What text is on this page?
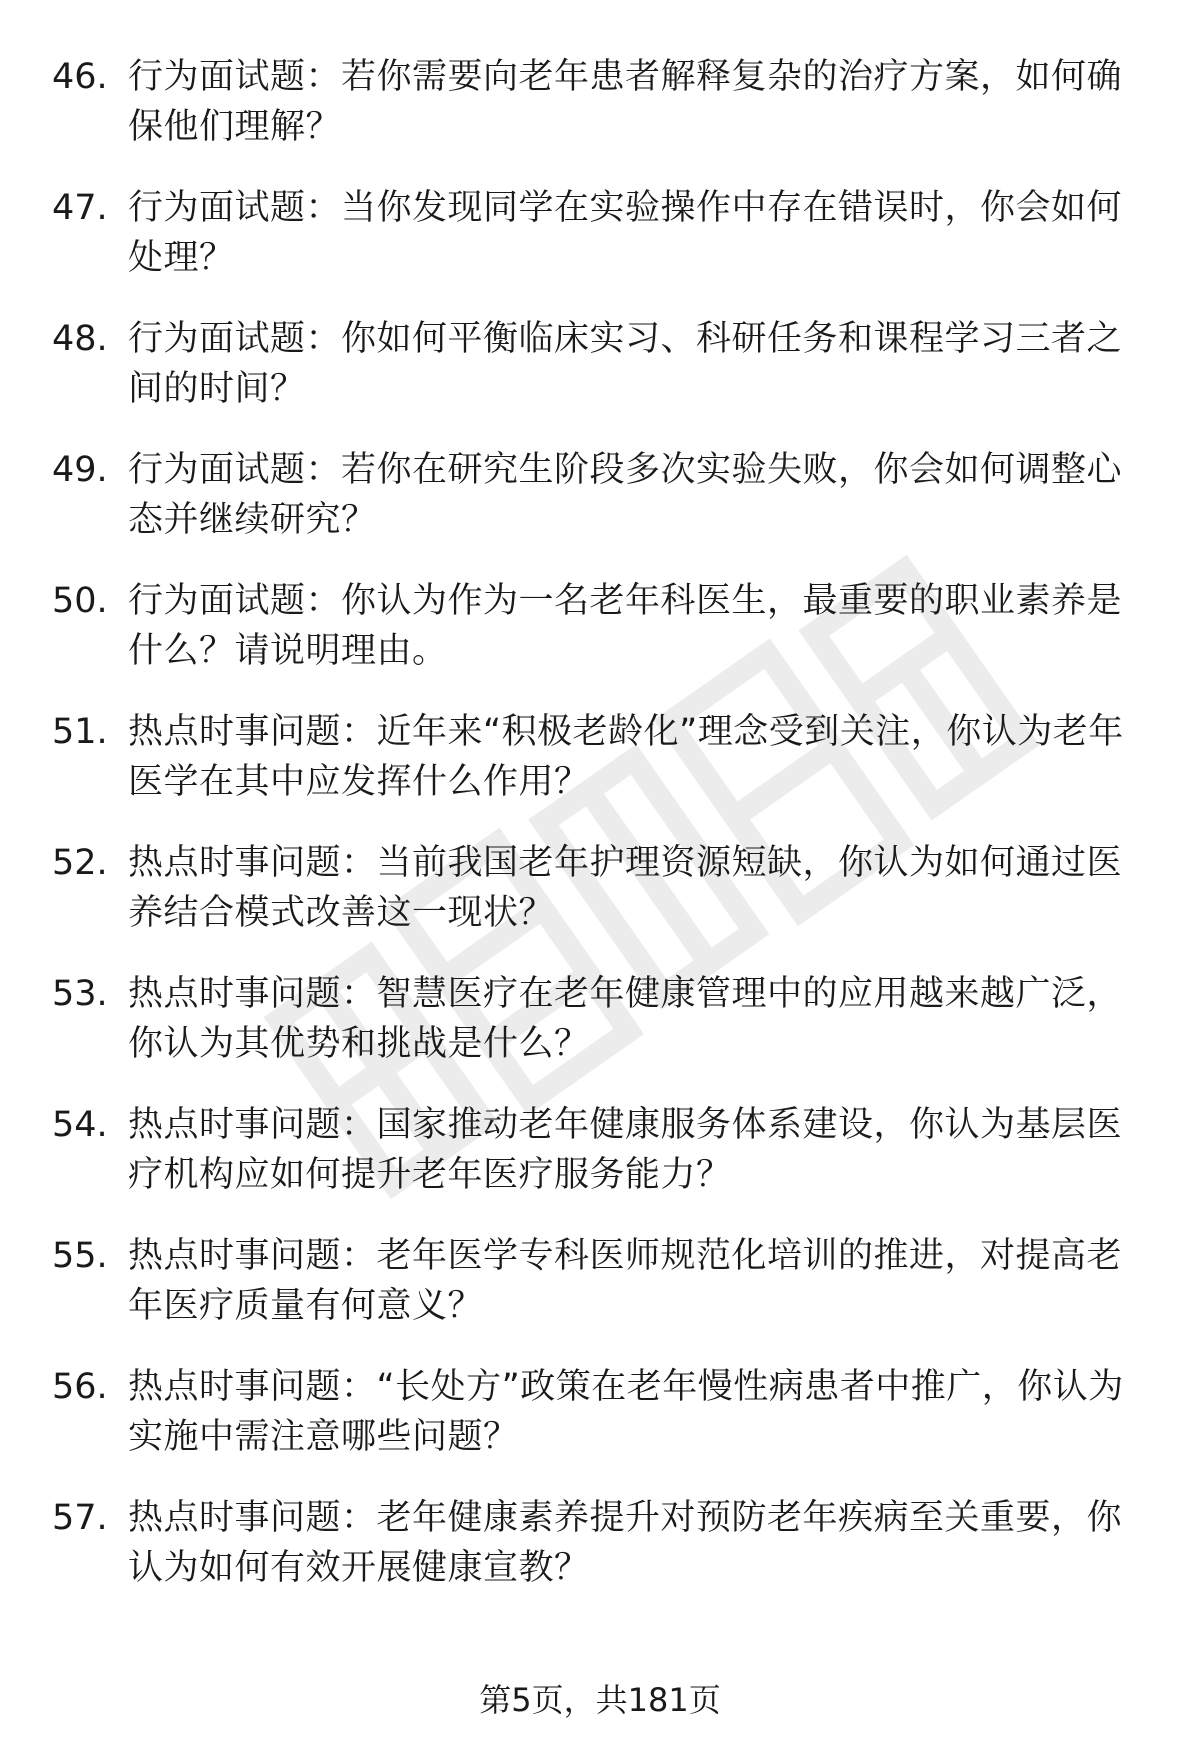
46. 行为面试题：若你需要向老年患者解释复杂的治疗方案，如何确保他们理解？
47. 行为面试题：当你发现同学在实验操作中存在错误时，你会如何处理？
48. 行为面试题：你如何平衡临床实习、科研任务和课程学习三者之间的时间？
49. 行为面试题：若你在研究生阶段多次实验失败，你会如何调整心态并继续研究？
50. 行为面试题：你认为作为一名老年科医生，最重要的职业素养是什么？请说明理由。
51. 热点时事问题：近年来“积极老龄化”理念受到关注，你认为老年医学在其中应发挥什么作用？
52. 热点时事问题：当前我国老年护理资源短缺，你认为如何通过医养结合模式改善这一现状？
53. 热点时事问题：智慧医疗在老年健康管理中的应用越来越广泛，你认为其优势和挑战是什么？
54. 热点时事问题：国家推动老年健康服务体系建设，你认为基层医疗机构应如何提升老年医疗服务能力？
55. 热点时事问题：老年医学专科医师规范化培训的推进，对提高老年医疗质量有何意义？
56. 热点时事问题：“长处方”政策在老年慢性病患者中推广，你认为实施中需注意哪些问题？
57. 热点时事问题：老年健康素养提升对预防老年疾病至关重要，你认为如何有效开展健康宣教？
第5页，共181页
